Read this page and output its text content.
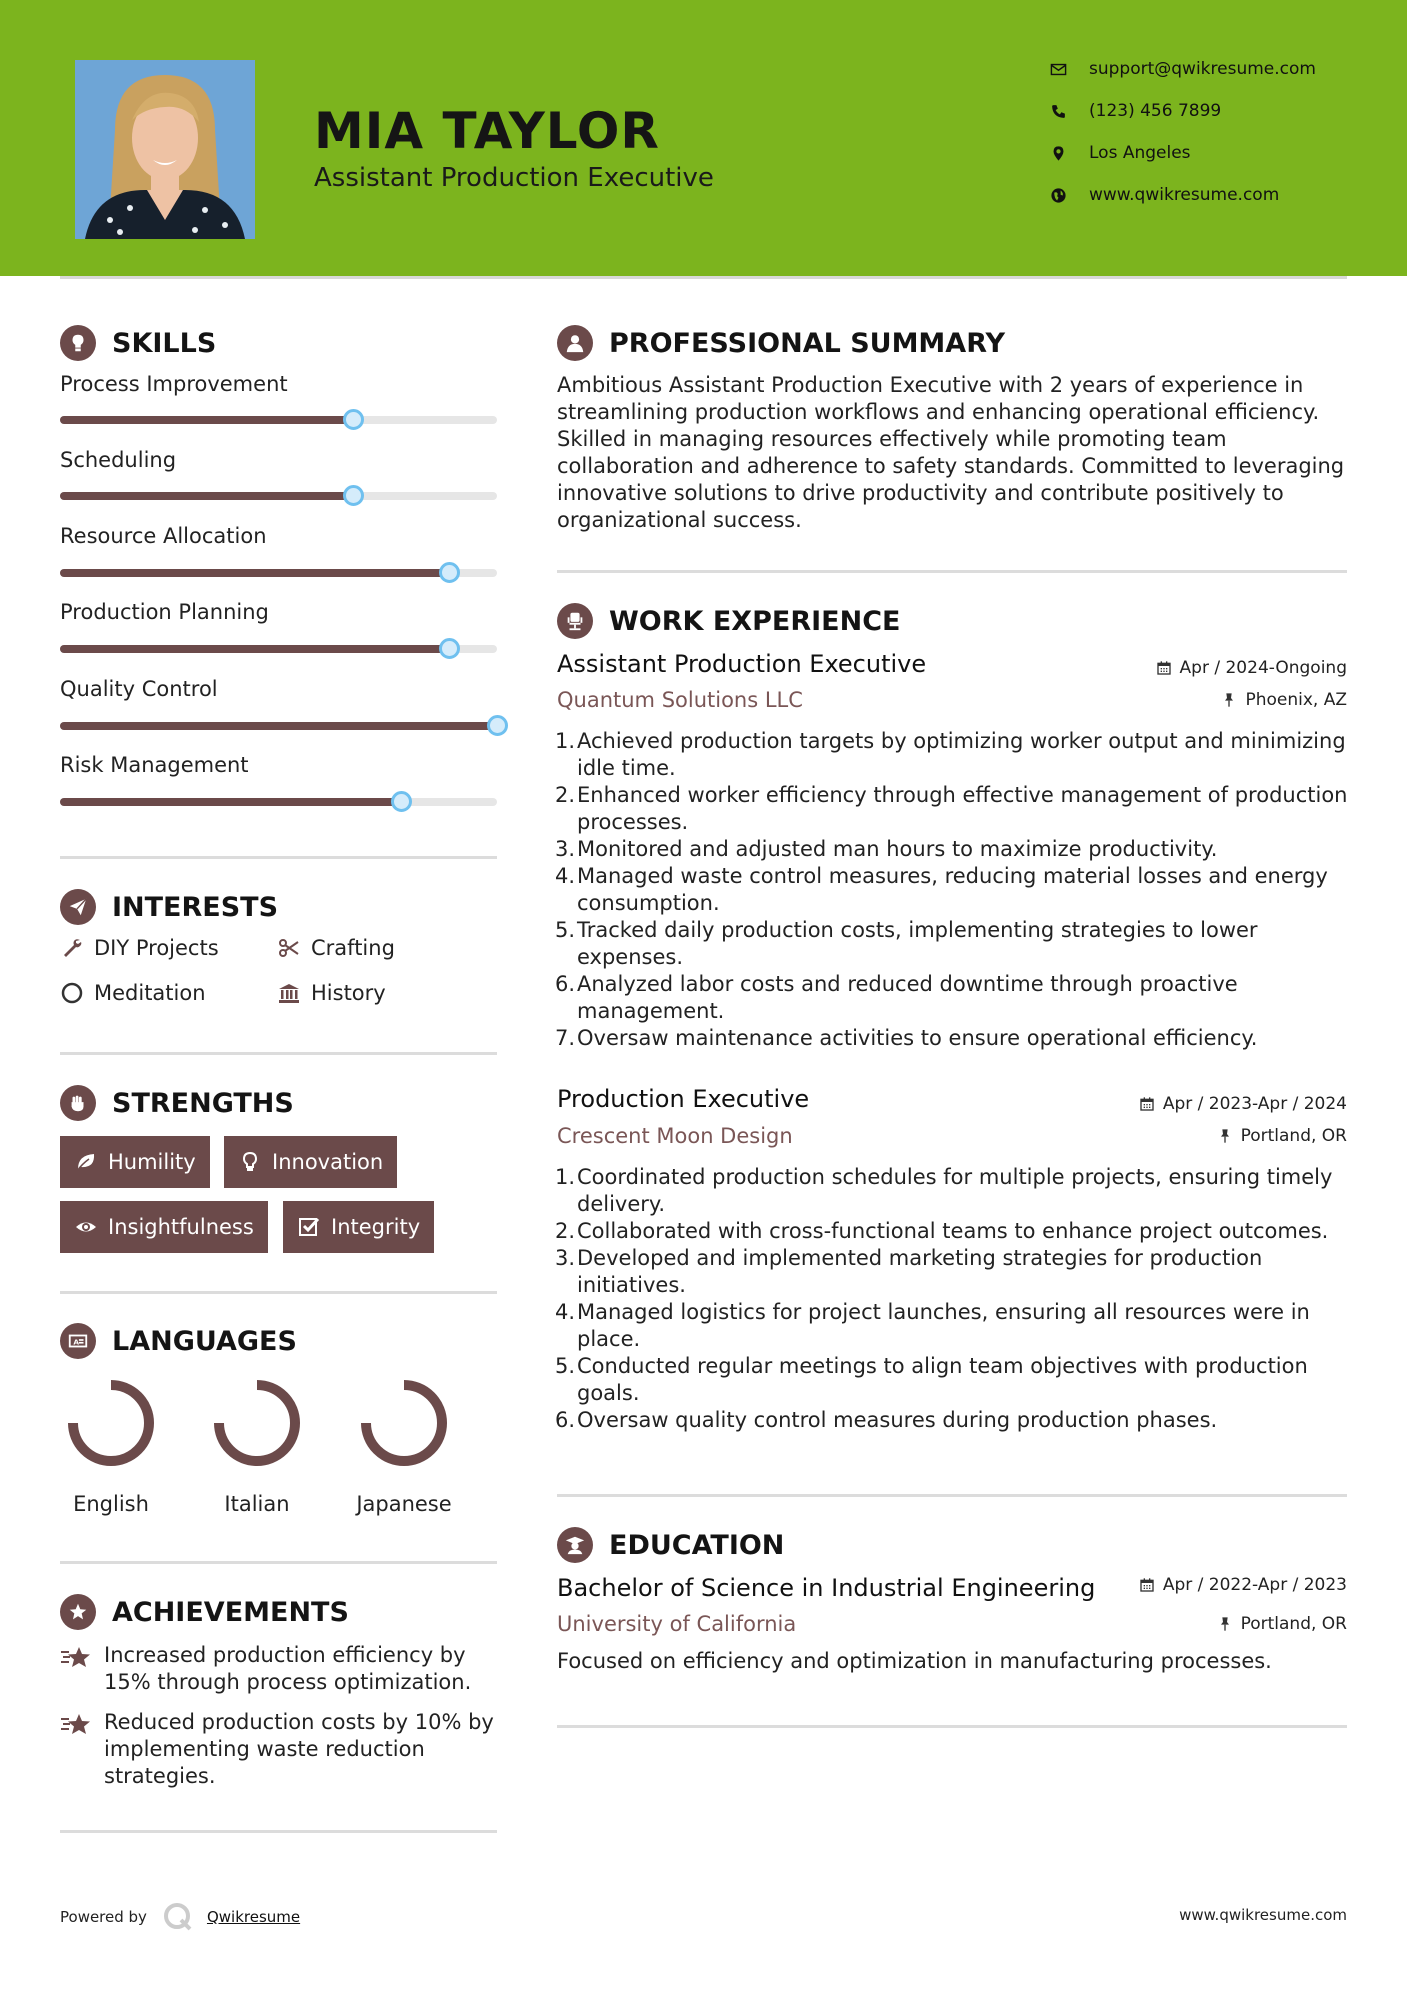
MIA TAYLOR
Assistant Production Executive
support@qwikresume.com
(123) 456 7899
Los Angeles
www.qwikresume.com
SKILLS
Process Improvement
Scheduling
Resource Allocation
Production Planning
Quality Control
Risk Management
INTERESTS
DIY Projects	Crafting
Meditation	History
STRENGTHS
Humility	Innovation
Insightfulness	Integrity
A LANGUAGES
English	Italian	Japanese
ACHIEVEMENTS
Increased production efficiency by 15% through process optimization.
Reduced production costs by 10% by implementing waste reduction strategies.
PROFESSIONAL SUMMARY
Ambitious Assistant Production Executive with 2 years of experience in streamlining production workflows and enhancing operational efficiency. Skilled in managing resources effectively while promoting team collaboration and adherence to safety standards. Committed to leveraging innovative solutions to drive productivity and contribute positively to organizational success.
WORK EXPERIENCE
Assistant Production Executive	Apr / 2024-Ongoing
Quantum Solutions LLC	Phoenix, AZ
1. Achieved production targets by optimizing worker output and minimizing idle time.
2. Enhanced worker efficiency through effective management of production processes.
3. Monitored and adjusted man hours to maximize productivity.
4. Managed waste control measures, reducing material losses and energy consumption.
5. Tracked daily production costs, implementing strategies to lower expenses.
6. Analyzed labor costs and reduced downtime through proactive management.
7. Oversaw maintenance activities to ensure operational efficiency.
Production Executive	Apr / 2023-Apr / 2024
Crescent Moon Design	Portland, OR
1. Coordinated production schedules for multiple projects, ensuring timely delivery.
2. Collaborated with cross-functional teams to enhance project outcomes.
3. Developed and implemented marketing strategies for production initiatives.
4. Managed logistics for project launches, ensuring all resources were in place.
5. Conducted regular meetings to align team objectives with production goals.
6. Oversaw quality control measures during production phases.
EDUCATION
Bachelor of Science in Industrial Engineering	Apr / 2022-Apr / 2023
University of California	Portland, OR
Focused on efficiency and optimization in manufacturing processes.
Powered by	Qwikresume	www.qwikresume.com
